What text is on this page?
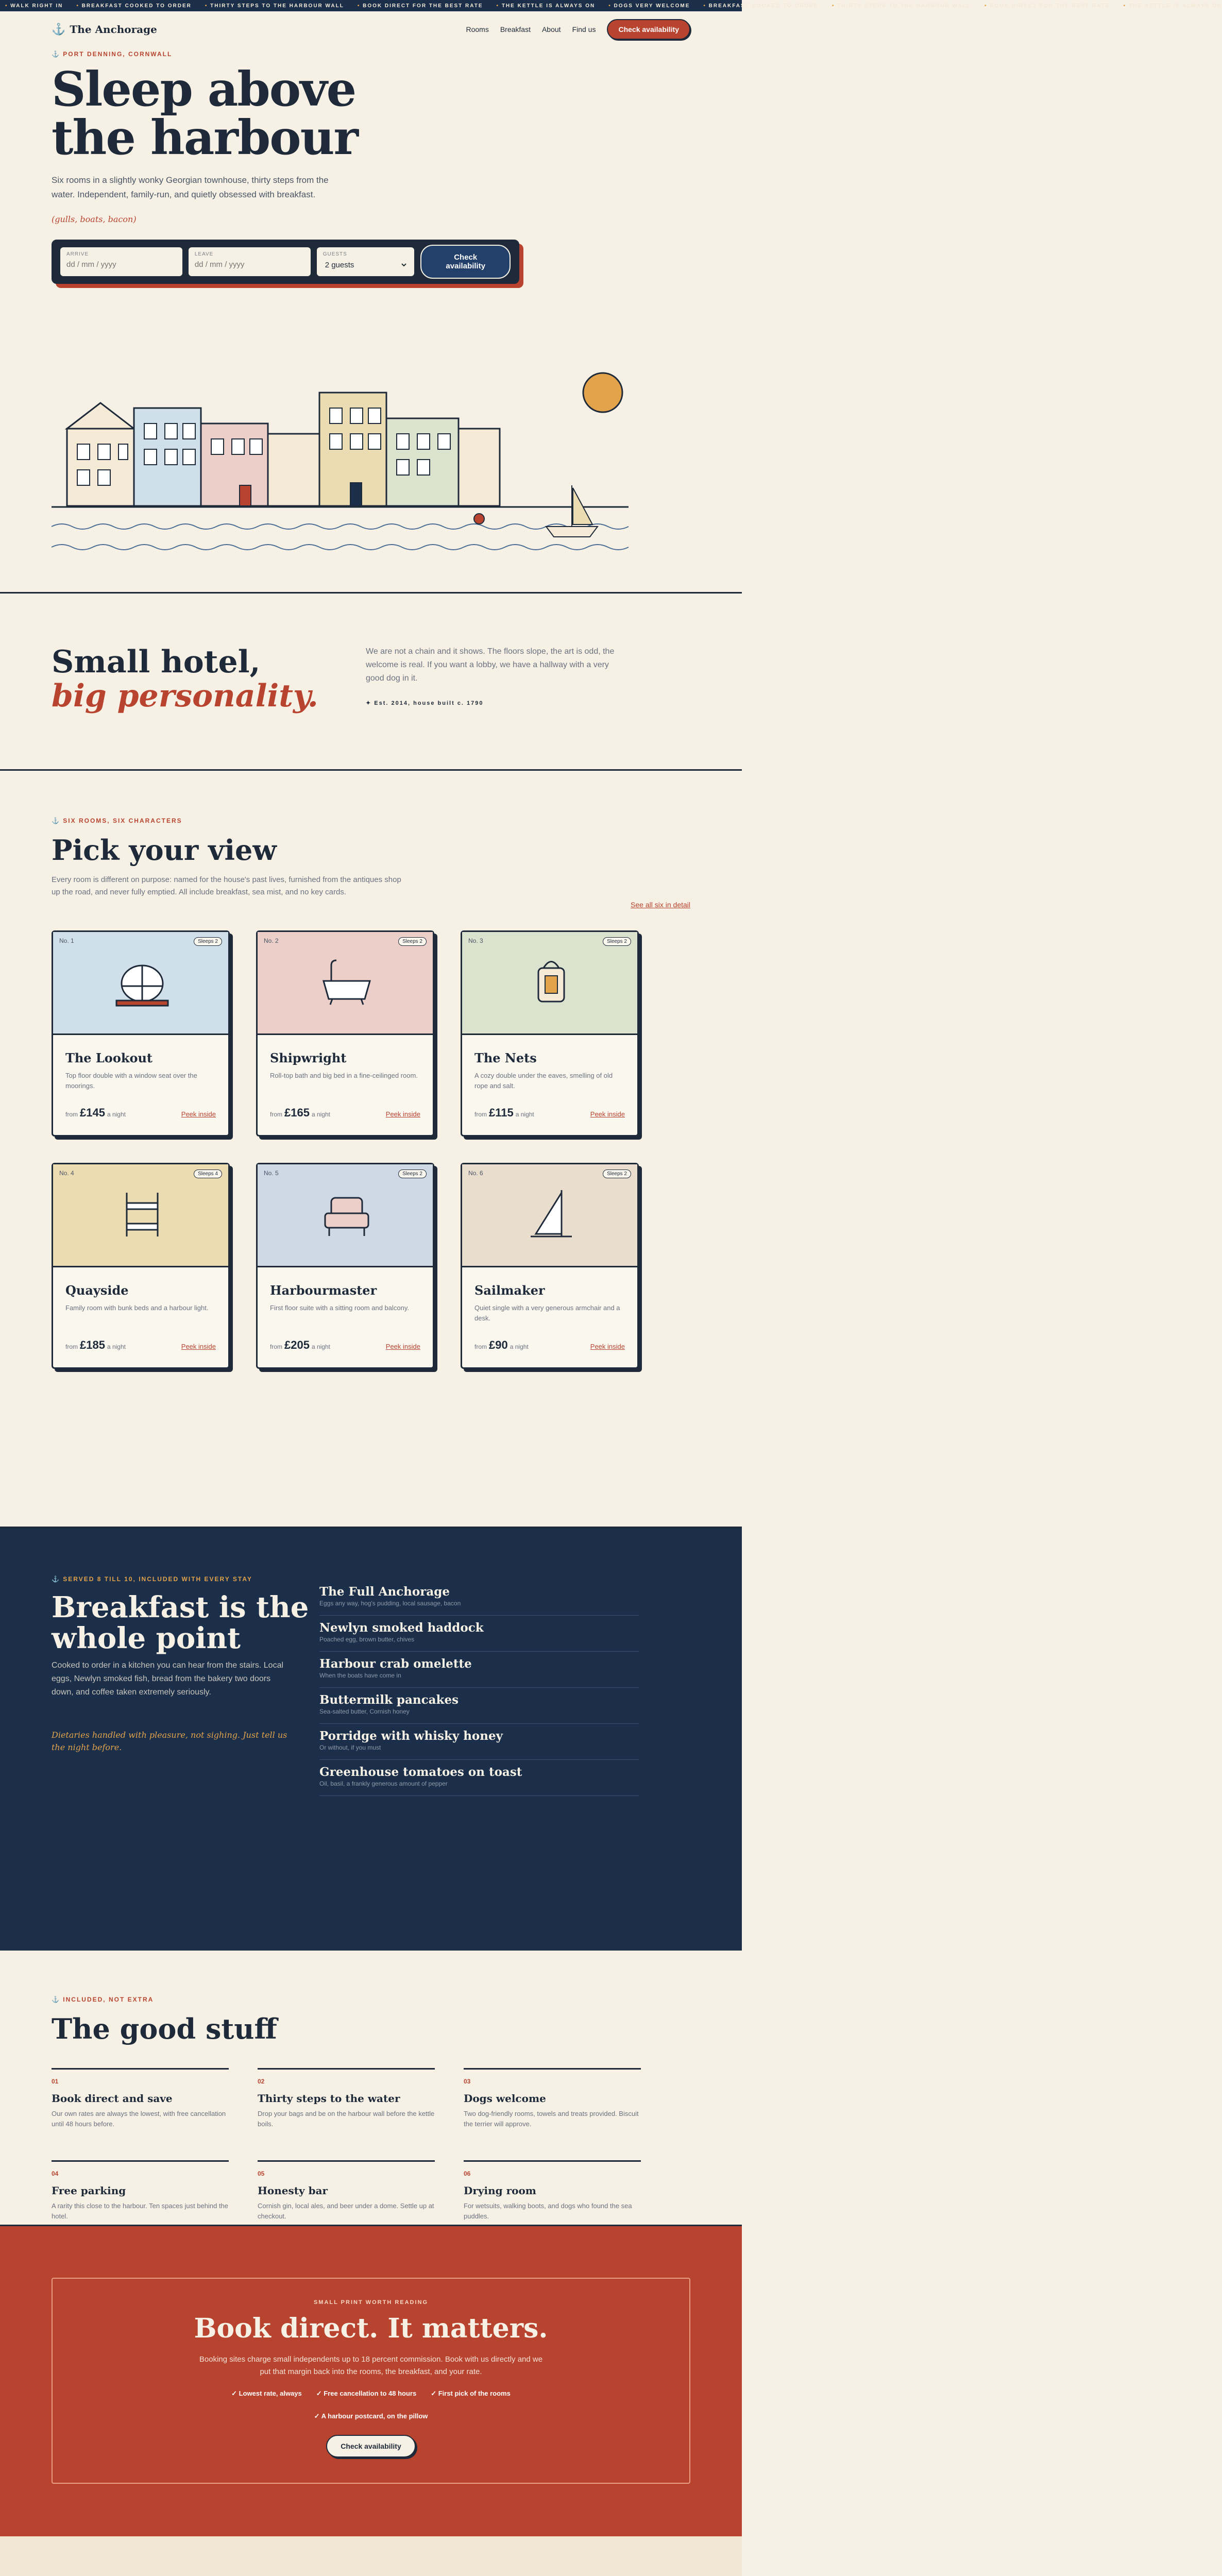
• WALK RIGHT IN	• BREAKFAST COOKED TO ORDER	• THIRTY STEPS TO THE HARBOUR WALL	• BOOK DIRECT FOR THE BEST RATE	• THE KETTLE IS ALWAYS ON	• DOGS VERY WELCOME	• BREAKFAST COOKED TO ORDER	• THIRTY STEPS TO THE HARBOUR WALL	• BOOK DIRECT FOR THE BEST RATE	• THE KETTLE IS ALWAYS ON
⚓ The Anchorage	Rooms Breakfast About Find us	Check availability
⚓ PORT DENNING, CORNWALL
Sleep above
the harbour

Six rooms in a slightly wonky Georgian townhouse, thirty steps from the water. Independent, family-run, and quietly obsessed with breakfast.

(gulls, boats, bacon)

ARRIVE
dd / mm / yyyy	LEAVE
dd / mm / yyyy	GUESTS
2 guests	Check availability
Small hotel,
big personality.

We are not a chain and it shows. The floors slope, the art is odd, the welcome is real. If you want a lobby, we have a hallway with a very good dog in it.

✦ Est. 2014, house built c. 1790
⚓ SIX ROOMS, SIX CHARACTERS
Pick your view

Every room is different on purpose: named for the house's past lives, furnished from the antiques shop up the road, and never fully emptied. All include breakfast, sea mist, and no key cards.

See all six in detail
No. 1	Sleeps 2
The Lookout

Top floor double with a window seat over the moorings.

from £145 a night	Peek inside
No. 2	Sleeps 2
Shipwright

Roll-top bath and big bed in a fine-ceilinged room.

from £165 a night	Peek inside
No. 3	Sleeps 2
The Nets

A cozy double under the eaves, smelling of old rope and salt.

from £115 a night	Peek inside
No. 4	Sleeps 4
Quayside

Family room with bunk beds and a harbour light.

from £185 a night	Peek inside
No. 5	Sleeps 2
Harbourmaster

First floor suite with a sitting room and balcony.

from £205 a night	Peek inside
No. 6	Sleeps 2
Sailmaker

Quiet single with a very generous armchair and a desk.

from £90 a night	Peek inside
⚓ SERVED 8 TILL 10, INCLUDED WITH EVERY STAY
Breakfast is the
whole point

Cooked to order in a kitchen you can hear from the stairs. Local eggs, Newlyn smoked fish, bread from the bakery two doors down, and coffee taken extremely seriously.

Dietaries handled with pleasure, not sighing. Just tell us the night before.

The Full Anchorage
Eggs any way, hog's pudding, local sausage, bacon
Newlyn smoked haddock
Poached egg, brown butter, chives
Harbour crab omelette
When the boats have come in
Buttermilk pancakes
Sea-salted butter, Cornish honey
Porridge with whisky honey
Or without, if you must
Greenhouse tomatoes on toast
Oil, basil, a frankly generous amount of pepper
⚓ INCLUDED, NOT EXTRA
The good stuff
01
Book direct and save

Our own rates are always the lowest, with free cancellation until 48 hours before.

02
Thirty steps to the water

Drop your bags and be on the harbour wall before the kettle boils.

03
Dogs welcome

Two dog-friendly rooms, towels and treats provided. Biscuit the terrier will approve.

04
Free parking

A rarity this close to the harbour. Ten spaces just behind the hotel.

05
Honesty bar

Cornish gin, local ales, and beer under a dome. Settle up at checkout.

06
Drying room

For wetsuits, walking boots, and dogs who found the sea puddles.

SMALL PRINT WORTH READING
Book direct. It matters.

Booking sites charge small independents up to 18 percent commission. Book with us directly and we put that margin back into the rooms, the breakfast, and your rate.

✓ Lowest rate, always	✓ Free cancellation to 48 hours	✓ First pick of the rooms
✓ A harbour postcard, on the pillow
Check availability
⚓
